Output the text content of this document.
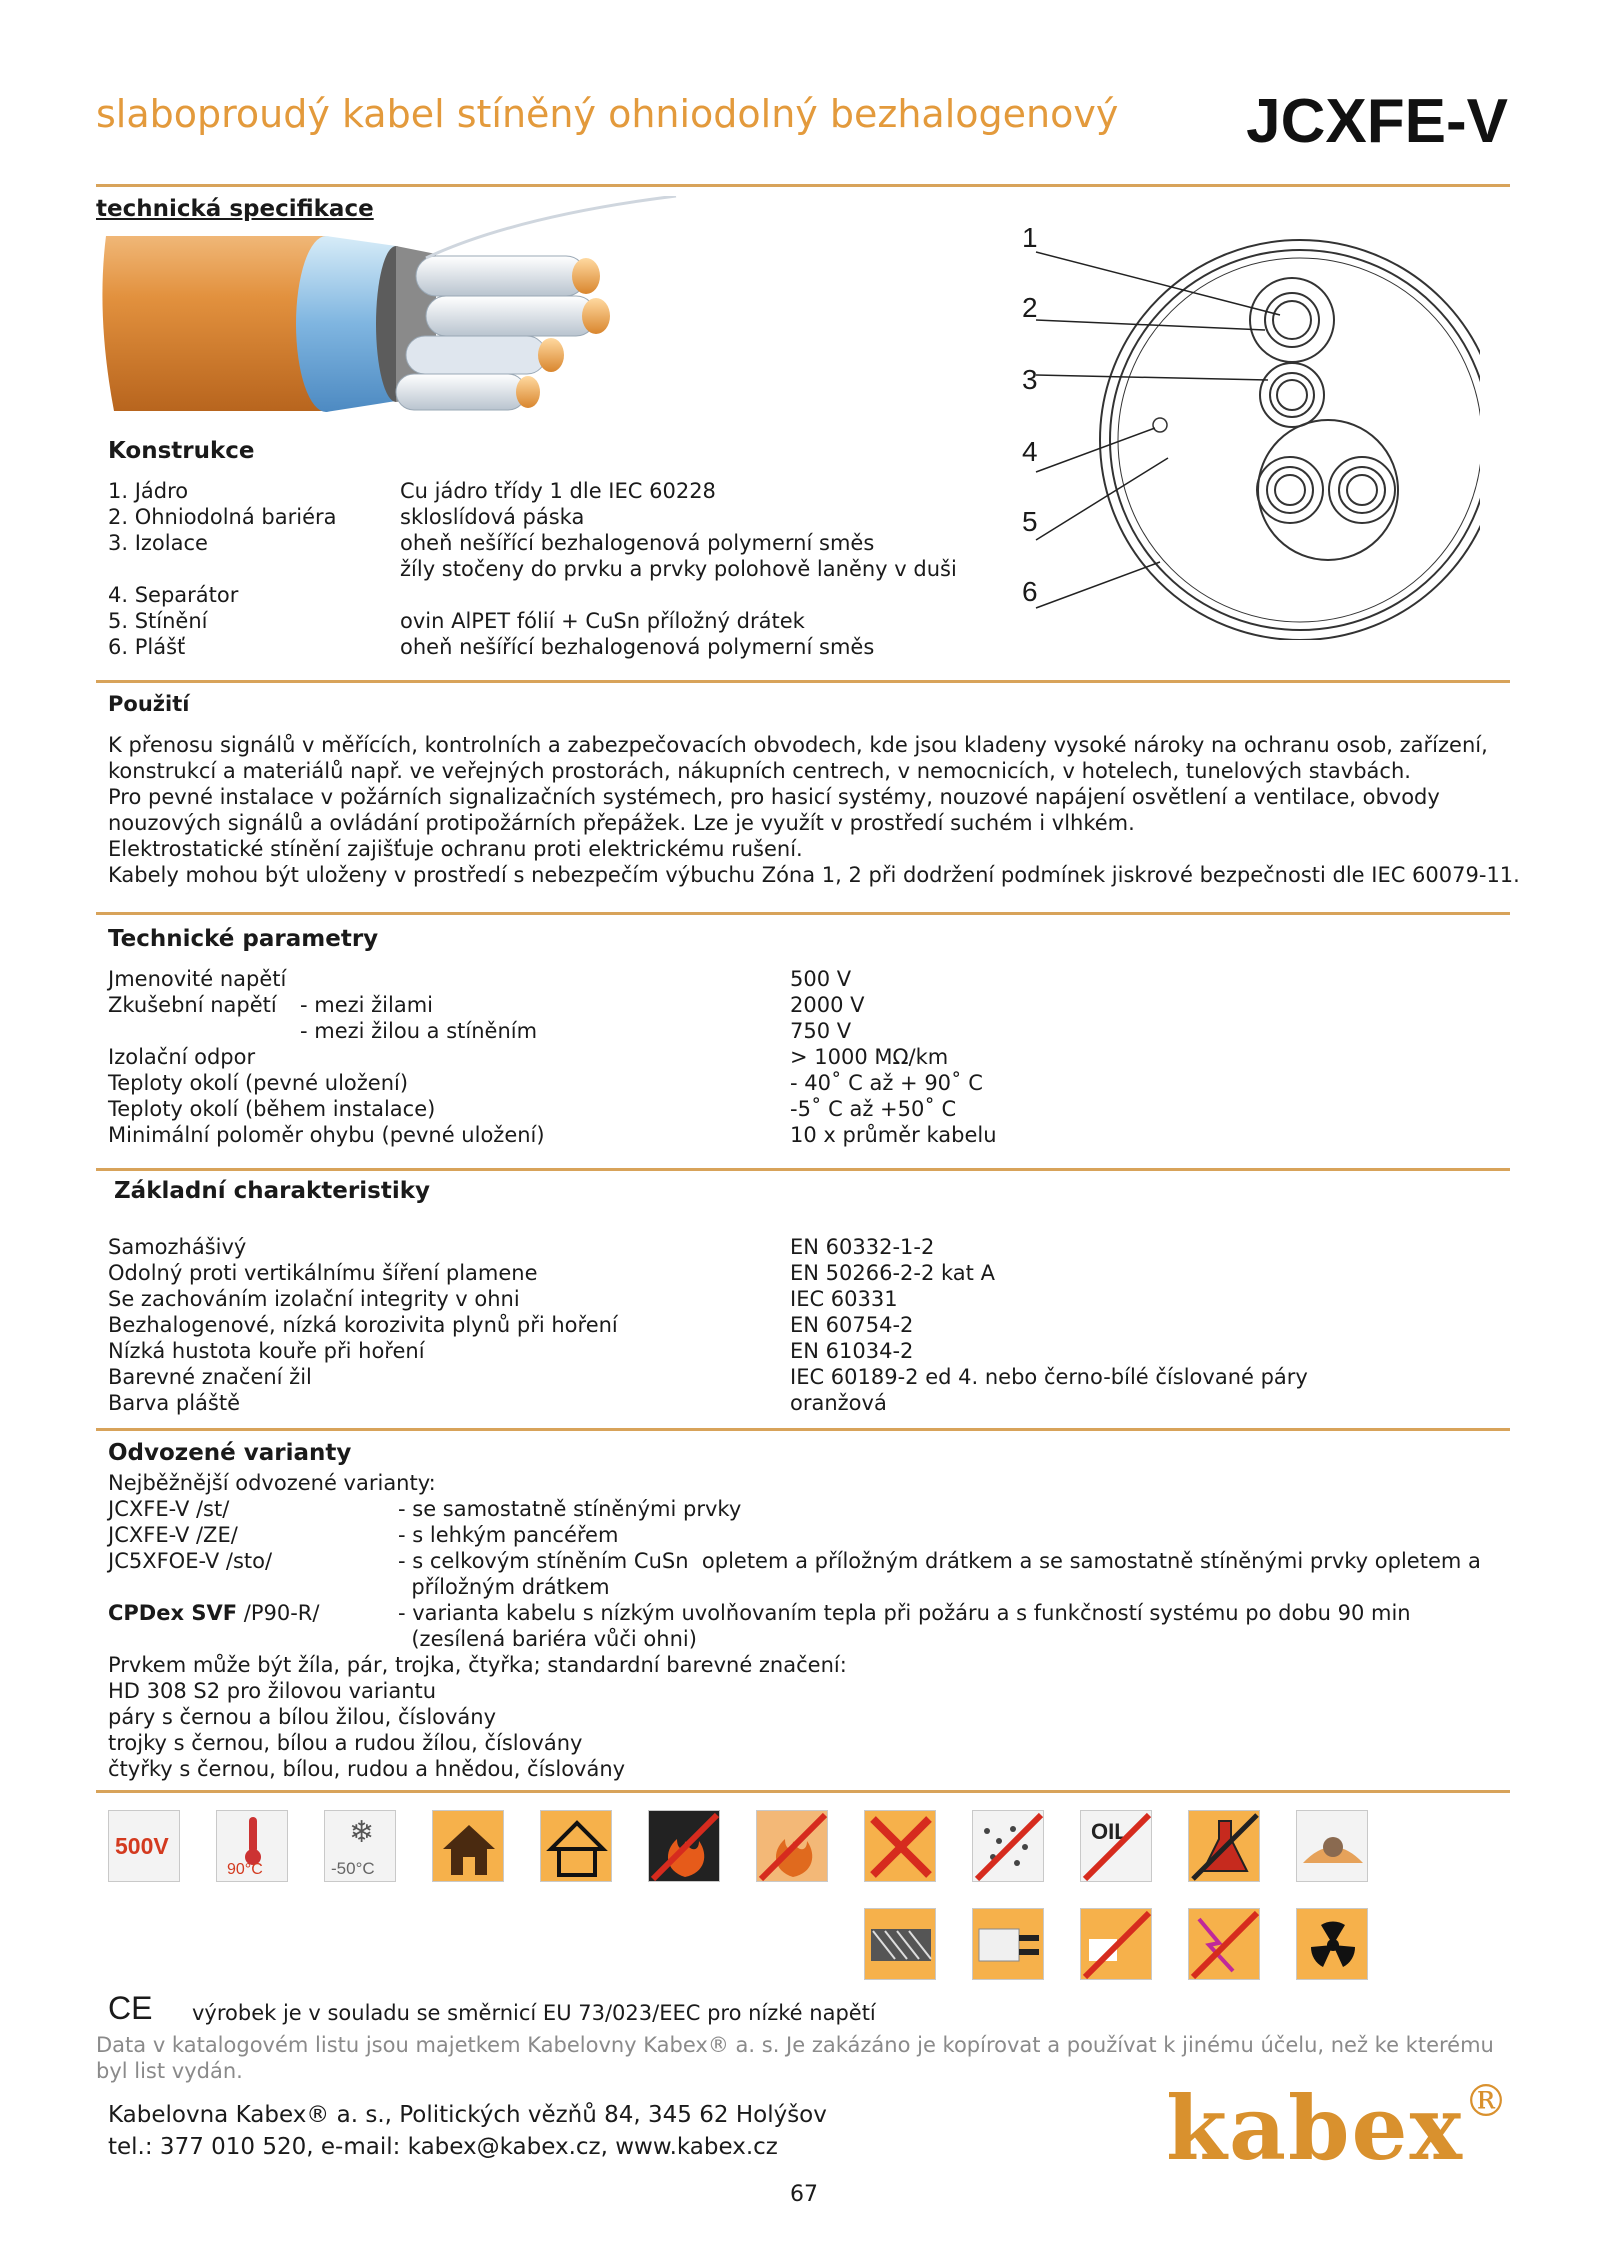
slaboproudý kabel stíněný ohniodolný bezhalogenový JCXFE-V
technická specifikace
1
2
3
4
5
6
Konstrukce
1. Jádro	Cu jádro třídy 1 dle IEC 60228
2. Ohniodolná bariéra	skloslídová páska
3. Izolace	oheň nešířící bezhalogenová polymerní směs
žíly stočeny do prvku a prvky polohově laněny v duši
4. Separátor
5. Stínění	ovin AlPET fólií + CuSn příložný drátek
6. Plášť	oheň nešířící bezhalogenová polymerní směs
Použití
K přenosu signálů v měřících, kontrolních a zabezpečovacích obvodech, kde jsou kladeny vysoké nároky na ochranu osob, zařízení,
konstrukcí a materiálů např. ve veřejných prostorách, nákupních centrech, v nemocnicích, v hotelech, tunelových stavbách.
Pro pevné instalace v požárních signalizačních systémech, pro hasicí systémy, nouzové napájení osvětlení a ventilace, obvody
nouzových signálů a ovládání protipožárních přepážek. Lze je využít v prostředí suchém i vlhkém.
Elektrostatické stínění zajišťuje ochranu proti elektrickému rušení.
Kabely mohou být uloženy v prostředí s nebezpečím výbuchu Zóna 1, 2 při dodržení podmínek jiskrové bezpečnosti dle IEC 60079-11.
Technické parametry
Jmenovité napětí	500 V
Zkušební napětí - mezi žilami	2000 V
- mezi žilou a stíněním	750 V
Izolační odpor	> 1000 MΩ/km
Teploty okolí (pevné uložení)	- 40˚ C až + 90˚ C
Teploty okolí (během instalace)	-5˚ C až +50˚ C
Minimální poloměr ohybu (pevné uložení)	10 x průměr kabelu
Základní charakteristiky
Samozhášivý	EN 60332-1-2
Odolný proti vertikálnímu šíření plamene	EN 50266-2-2 kat A
Se zachováním izolační integrity v ohni	IEC 60331
Bezhalogenové, nízká korozivita plynů při hoření	EN 60754-2
Nízká hustota kouře při hoření	EN 61034-2
Barevné značení žil	IEC 60189-2 ed 4. nebo černo-bílé číslované páry
Barva pláště	oranžová
Odvozené varianty
Nejběžnější odvozené varianty:
JCXFE-V /st/	- se samostatně stíněnými prvky
JCXFE-V /ZE/	- s lehkým pancéřem
JC5XFOE-V /sto/	- s celkovým stíněním CuSn  opletem a příložným drátkem a se samostatně stíněnými prvky opletem a
příložným drátkem
CPDex SVF /P90-R/	- varianta kabelu s nízkým uvolňovaním tepla při požáru a s funkčností systému po dobu 90 min
(zesílená bariéra vůči ohni)
Prvkem může být žíla, pár, trojka, čtyřka; standardní barevné značení:
HD 308 S2 pro žilovou variantu
páry s černou a bílou žilou, číslovány
trojky s černou, bílou a rudou žílou, číslovány
čtyřky s černou, bílou, rudou a hnědou, číslovány
500V
90°C
❄
-50°C
OIL
CE výrobek je v souladu se směrnicí EU 73/023/EEC pro nízké napětí
Data v katalogovém listu jsou majetkem Kabelovny Kabex® a. s. Je zakázáno je kopírovat a používat k jinému účelu, než ke kterému
byl list vydán.
Kabelovna Kabex® a. s., Politických vězňů 84, 345 62 Holýšov
tel.: 377 010 520, e-mail: kabex@kabex.cz, www.kabex.cz	kabex®
67
